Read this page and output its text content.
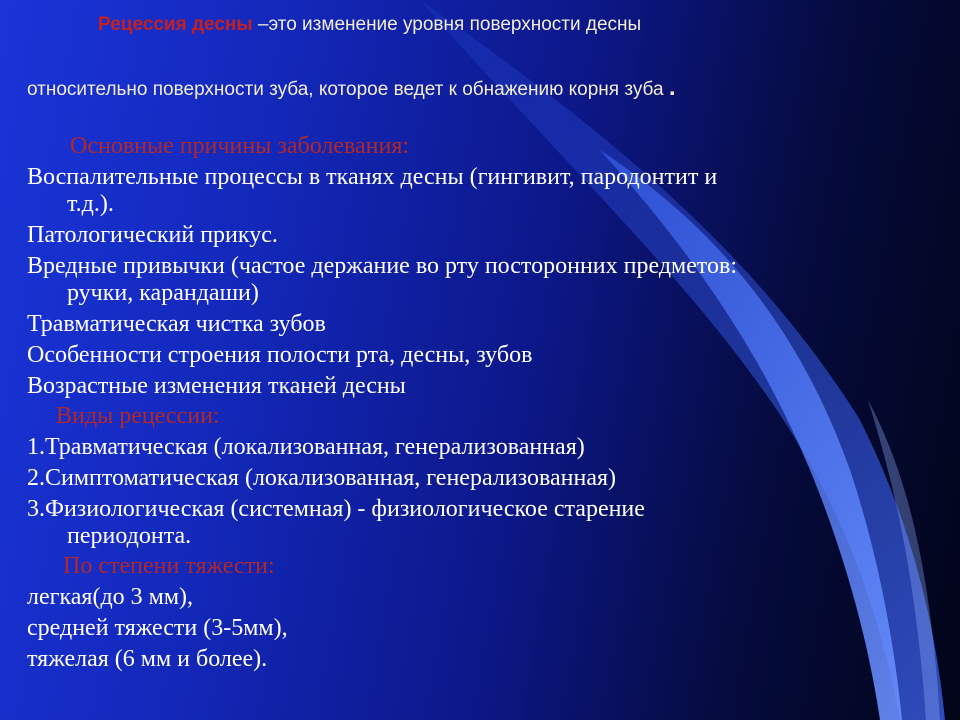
Рецессия десны –это изменение уровня поверхности десны
относительно поверхности зуба, которое ведет к обнажению корня зуба .
Основные причины заболевания:
Воспалительные процессы в тканях десны (гингивит, пародонтит и
т.д.).
Патологический прикус.
Вредные привычки (частое держание во рту посторонних предметов:
ручки, карандаши)
Травматическая чистка зубов
Особенности строения полости рта, десны, зубов
Возрастные изменения тканей десны
Виды рецессии:
1.Травматическая (локализованная, генерализованная)
2.Симптоматическая (локализованная, генерализованная)
3.Физиологическая (системная) - физиологическое старение
периодонта.
По степени тяжести:
легкая(до 3 мм),
средней тяжести (3-5мм),
тяжелая (6 мм и более).
